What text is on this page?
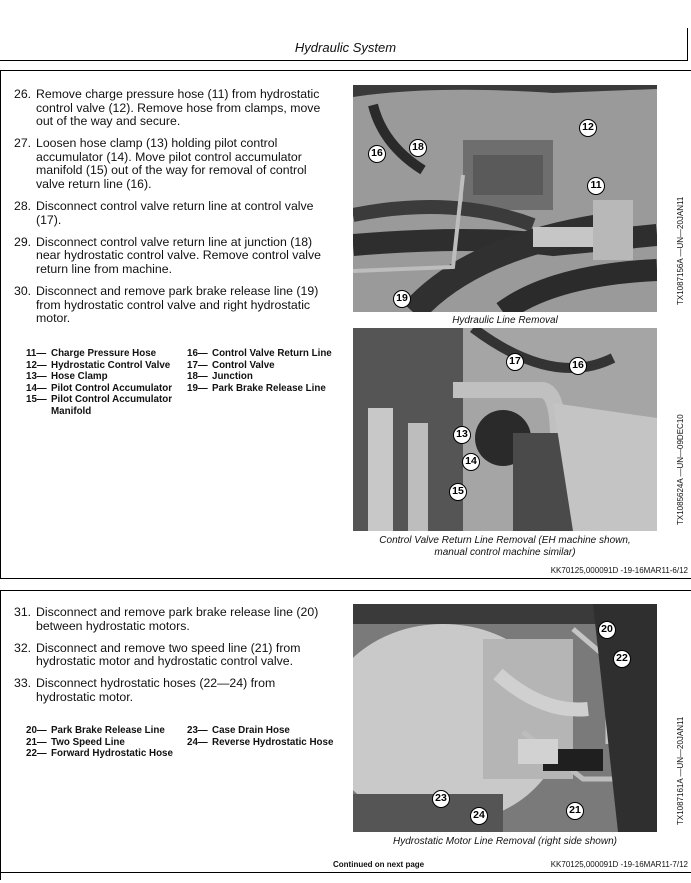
Hydraulic System
26. Remove charge pressure hose (11) from hydrostatic control valve (12). Remove hose from clamps, move out of the way and secure.
27. Loosen hose clamp (13) holding pilot control accumulator (14). Move pilot control accumulator manifold (15) out of the way for removal of control valve return line (16).
28. Disconnect control valve return line at control valve (17).
29. Disconnect control valve return line at junction (18) near hydrostatic control valve. Remove control valve return line from machine.
30. Disconnect and remove park brake release line (19) from hydrostatic control valve and right hydrostatic motor.
11— Charge Pressure Hose
12— Hydrostatic Control Valve
13— Hose Clamp
14— Pilot Control Accumulator
15— Pilot Control Accumulator Manifold
16— Control Valve Return Line
17— Control Valve
18— Junction
19— Park Brake Release Line
12
16	18
11
19
Hydraulic Line Removal
TX1087156A —UN—20JAN11
17	16
13
14
15
Control Valve Return Line Removal (EH machine shown, manual control machine similar)
TX1085624A —UN—09DEC10
KK70125,000091D -19-16MAR11-6/12
31. Disconnect and remove park brake release line (20) between hydrostatic motors.
32. Disconnect and remove two speed line (21) from hydrostatic motor and hydrostatic control valve.
33. Disconnect hydrostatic hoses (22—24) from hydrostatic motor.
20— Park Brake Release Line
21— Two Speed Line
22— Forward Hydrostatic Hose
23— Case Drain Hose
24— Reverse Hydrostatic Hose
20
22
23
24	21
Hydrostatic Motor Line Removal (right side shown)
TX1087161A —UN—20JAN11
Continued on next page	KK70125,000091D -19-16MAR11-7/12
